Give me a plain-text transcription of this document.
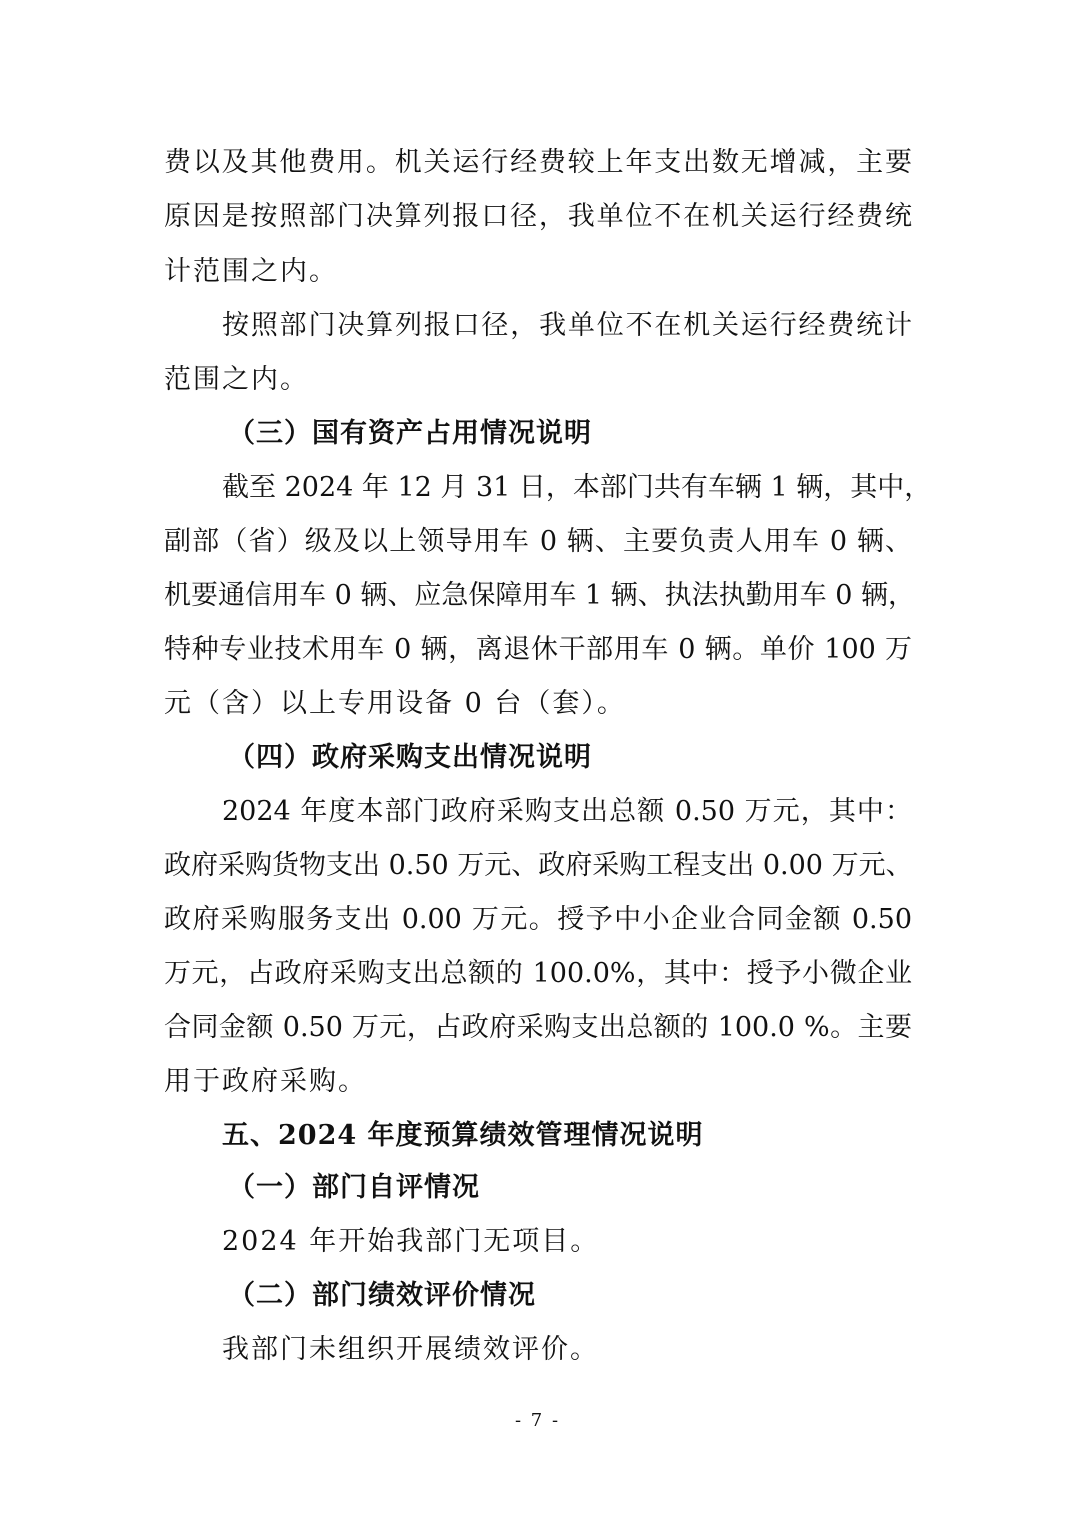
费以及其他费用。机关运行经费较上年支出数无增减，主要
原因是按照部门决算列报口径，我单位不在机关运行经费统
计范围之内。
按照部门决算列报口径，我单位不在机关运行经费统计
范围之内。
（三）国有资产占用情况说明
截至 2024 年 12 月 31 日，本部门共有车辆 1 辆，其中，
副部（省）级及以上领导用车 0 辆、主要负责人用车 0 辆、
机要通信用车 0 辆、应急保障用车 1 辆、执法执勤用车 0 辆，
特种专业技术用车 0 辆，离退休干部用车 0 辆。单价 100 万
元（含）以上专用设备 0 台（套）。
（四）政府采购支出情况说明
2024 年度本部门政府采购支出总额 0.50 万元，其中：
政府采购货物支出 0.50 万元、政府采购工程支出 0.00 万元、
政府采购服务支出 0.00 万元。授予中小企业合同金额 0.50
万元，占政府采购支出总额的 100.0%，其中：授予小微企业
合同金额 0.50 万元，占政府采购支出总额的 100.0 %。主要
用于政府采购。
五、2024 年度预算绩效管理情况说明
（一）部门自评情况
2024 年开始我部门无项目。
（二）部门绩效评价情况
我部门未组织开展绩效评价。
- 7 -
